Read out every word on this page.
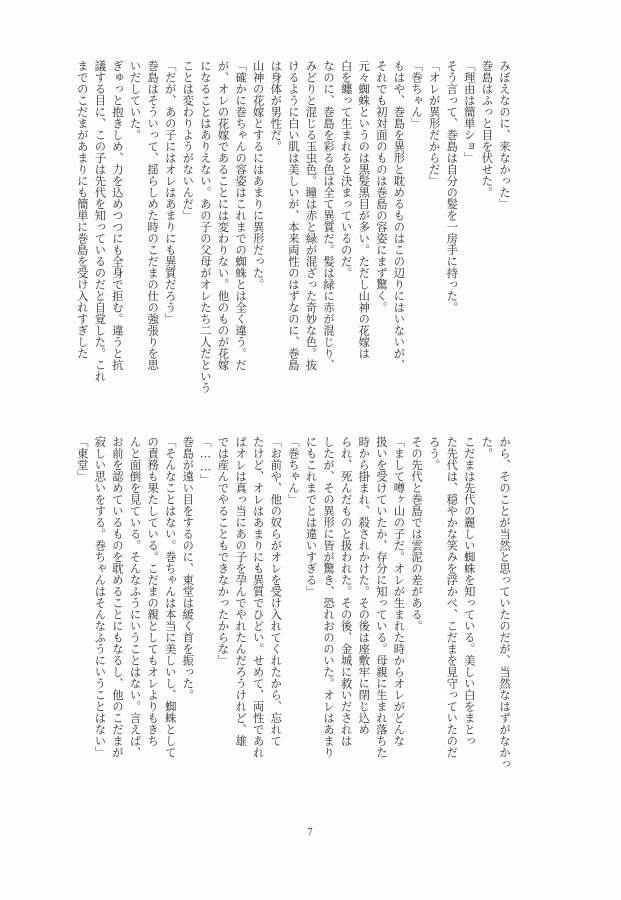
みぼえなのに、来なかった」

巻島はふっと目を伏せた。

「理由は簡単ショ」

そう言って、巻島は自分の髪を一房手に持った。

「オレが異形だからだ」

「巻ちゃん」

もはや、巻島を異形と耽めるものはこの辺りにはいないが、

それでも初対面のものは巻島の容姿にまず驚く。

元々蜘蛛というのは黒髪黒目が多い。ただし山神の花嫁は

白を纏って生まれると決まっているのだ。

なのに、巻島を彩る色は全て異質だ。髪は緑に赤が混じり、

みどりと混じる玉虫色。瞳は赤と緑が混ざった奇妙な色。抜

けるように白い肌は美しいが、本来両性のはずなのに、巻島

は身体が男性だ。

山神の花嫁とするにはあまりに異形だった。

「確かに巻ちゃんの容姿はこれまでの蜘蛛とは全く違う。だ

が、オレの花嫁であることには変わりない。他のものが花嫁

になることはありえない。あの子の父母がオレたち二人だという

ことは変わりようがないんだ」

「だが、あの子にはオレはあまりにも異質だろう」

巻島はそういって、揺らしめた時のこだまの仕の強張りを思

いだしていた。

ぎゅっと抱きしめ、力を込めつつにも全身で拒む。違うと抗

議する目に、この子は先代を知っているのだと自覚した。これ

までのこだまがあまりにも簡単に巻島を受け入れすぎした

から、そのことが当然と思っていたのだが、当然なはずがなかっ

た。

こだまは先代の麗しい蜘蛛を知っている。美しい白をまとっ

た先代は、穏やかな笑みを浮かべ、こだまを見守っていたのだ

ろう。

その先代と巻島では雲泥の差がある。

「まして噂ヶ山の子だ。オレが生まれた時からオレがどんな

扱いを受けていたか、存分に知っている。母親に生まれ落ちた

時から掛まれ、殺されかけた。その後は座敷牢に閉じ込め

られ、死んだものと扱われた。その後、金城に救いだされは

したが、その異形に皆が驚き、恐れおののいた。オレはあまり

にもこれまでとは違いすぎる」

「巻ちゃん」

「お前や、他の奴らがオレを受け入れてくれたから、忘れて

たけど、オレはあまりにも異質でひどい。せめて、両性であれ

ばオレは真っ当にあの子を孕んでやれたんだろうけれど、雄

では産んでやることもできなかったからな」

「……」

巻島が遠い目をするのに、東堂は緩く首を振った。

「そんなことはない。巻ちゃんは本当に美しいし、蜘蛛として

の責務も果たしている。こだまの親としてもオレよりもきち

んと面倒を見ている。そんなふうにいうことはない。言えば、

お前を認めているものを耽めることにもなるし、他のこだまが

寂しい思いをする。巻ちゃんはそんなふうにいうことはない」

「東堂」

7
